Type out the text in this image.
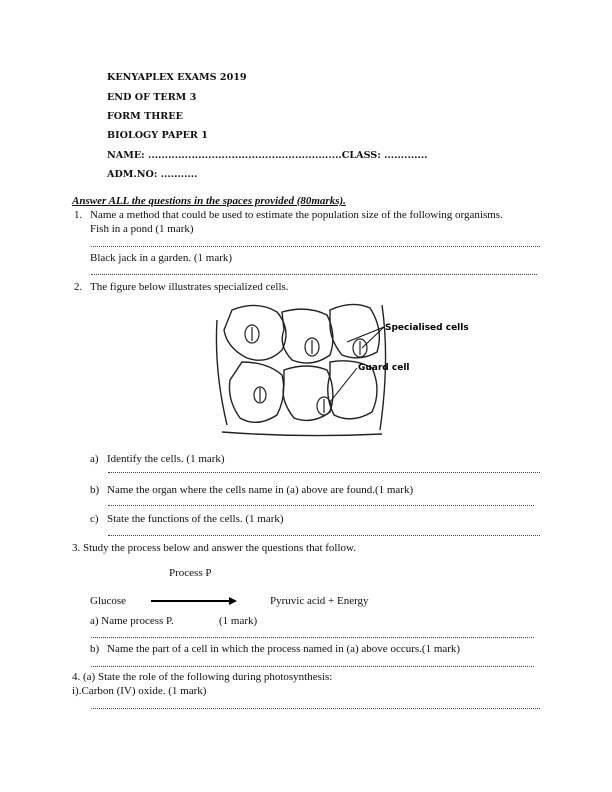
KENYAPLEX EXAMS 2019
END OF TERM 3
FORM THREE
BIOLOGY PAPER 1
NAME: ..........................................................CLASS: .............
ADM.NO: ...........
Answer ALL the questions in the spaces provided (80marks).
1. Name a method that could be used to estimate the population size of the following organisms.
Fish in a pond (1 mark)
Black jack in a garden. (1 mark)
2. The figure below illustrates specialized cells.
Specialised cells
Guard cell
a) Identify the cells. (1 mark)
b) Name the organ where the cells name in (a) above are found.(1 mark)
c) State the functions of the cells. (1 mark)
3. Study the process below and answer the questions that follow.
Process P
Glucose	Pyruvic acid + Energy
a) Name process P.	(1 mark)
b) Name the part of a cell in which the process named in (a) above occurs.(1 mark)
4. (a) State the role of the following during photosynthesis:
i).Carbon (IV) oxide. (1 mark)
